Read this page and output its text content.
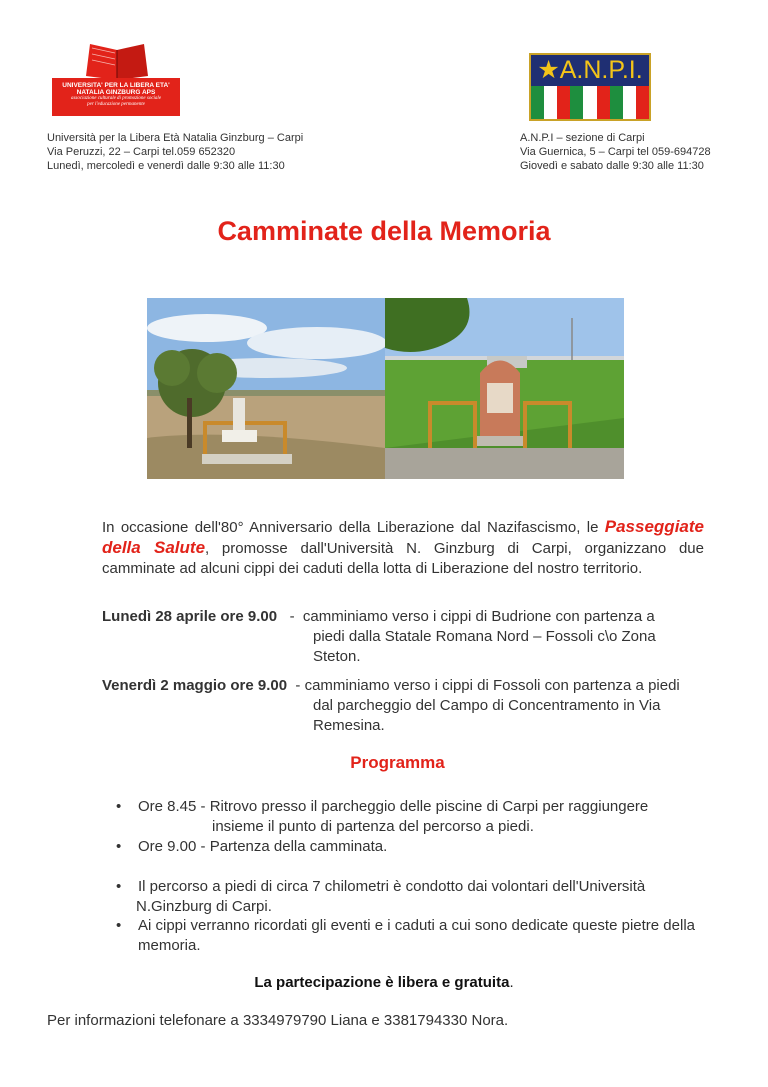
UNIVERSITA' PER LA LIBERA ETA'
NATALIA GINZBURG APS
associazione culturale di promozione sociale
per l'educazione permanente
★A.N.P.I.
Università per la Libera Età Natalia Ginzburg – Carpi
Via Peruzzi, 22 – Carpi tel.059 652320
Lunedì, mercoledì e venerdì dalle 9:30 alle 11:30
A.N.P.I – sezione di Carpi
Via Guernica, 5 – Carpi tel 059-694728
Giovedì e sabato dalle 9:30 alle 11:30
Camminate della Memoria
In occasione dell'80° Anniversario della Liberazione dal Nazifascismo, le Passeggiate della Salute, promosse dall'Università N. Ginzburg di Carpi, organizzano due camminate ad alcuni cippi dei caduti della lotta di Liberazione del nostro territorio.
Lunedì 28 aprile ore 9.00   -  camminiamo verso i cippi di Budrione con partenza a
piedi dalla Statale Romana Nord – Fossoli c\o Zona
Steton.
Venerdì 2 maggio ore 9.00  - camminiamo verso i cippi di Fossoli con partenza a piedi
dal parcheggio del Campo di Concentramento in Via
Remesina.
Programma
• Ore 8.45 - Ritrovo presso il parcheggio delle piscine di Carpi per raggiungere
insieme il punto di partenza del percorso a piedi.
• Ore 9.00 - Partenza della camminata.
• Il percorso a piedi di circa 7 chilometri è condotto dai volontari dell'Università
N.Ginzburg di Carpi.
• Ai cippi verranno ricordati gli eventi e i caduti a cui sono dedicate queste pietre della
memoria.
La partecipazione è libera e gratuita.
Per informazioni telefonare a 3334979790 Liana e 3381794330 Nora.
